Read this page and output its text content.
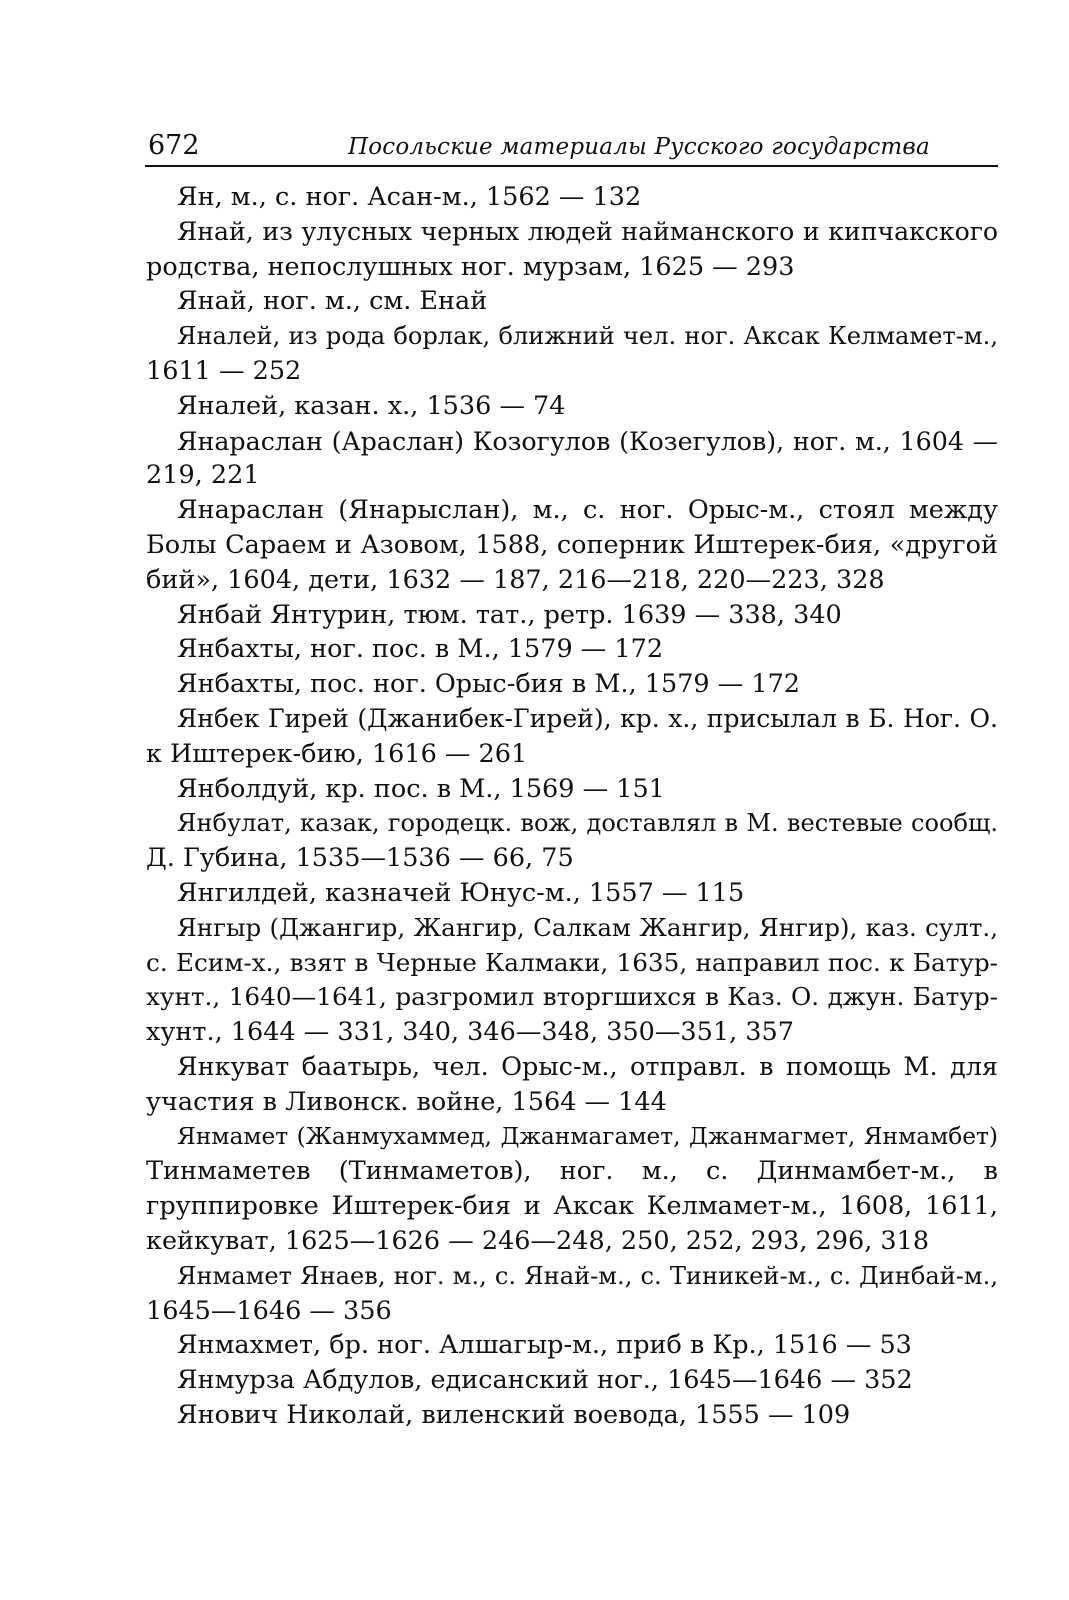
672	Посольские материалы Русского государства
Ян, м., с. ног. Асан-м., 1562 — 132
Янай, из улусных черных людей найманского и кипчакского
родства, непослушных ног. мурзам, 1625 — 293
Янай, ног. м., см. Енай
Яналей, из рода борлак, ближний чел. ног. Аксак Келмамет-м.,
1611 — 252
Яналей, казан. х., 1536 — 74
Янараслан (Араслан) Козогулов (Козегулов), ног. м., 1604 —
219, 221
Янараслан (Янарыслан), м., с. ног. Орыс-м., стоял между
Болы Сараем и Азовом, 1588, соперник Иштерек-бия, «другой
бий», 1604, дети, 1632 — 187, 216—218, 220—223, 328
Янбай Янтурин, тюм. тат., ретр. 1639 — 338, 340
Янбахты, ног. пос. в М., 1579 — 172
Янбахты, пос. ног. Орыс-бия в М., 1579 — 172
Янбек Гирей (Джанибек-Гирей), кр. х., присылал в Б. Ног. О.
к Иштерек-бию, 1616 — 261
Янболдуй, кр. пос. в М., 1569 — 151
Янбулат, казак, городецк. вож, доставлял в М. вестевые сообщ.
Д. Губина, 1535—1536 — 66, 75
Янгилдей, казначей Юнус-м., 1557 — 115
Янгыр (Джангир, Жангир, Салкам Жангир, Янгир), каз. султ.,
с. Есим-х., взят в Черные Калмаки, 1635, направил пос. к Батур-
хунт., 1640—1641, разгромил вторгшихся в Каз. О. джун. Батур-
хунт., 1644 — 331, 340, 346—348, 350—351, 357
Янкуват баатырь, чел. Орыс-м., отправл. в помощь М. для
участия в Ливонск. войне, 1564 — 144
Янмамет (Жанмухаммед, Джанмагамет, Джанмагмет, Янмамбет)
Тинмаметев (Тинмаметов), ног. м., с. Динмамбет-м., в
группировке Иштерек-бия и Аксак Келмамет-м., 1608, 1611,
кейкуват, 1625—1626 — 246—248, 250, 252, 293, 296, 318
Янмамет Янаев, ног. м., с. Янай-м., с. Тиникей-м., с. Динбай-м.,
1645—1646 — 356
Янмахмет, бр. ног. Алшагыр-м., приб в Кр., 1516 — 53
Янмурза Абдулов, едисанский ног., 1645—1646 — 352
Янович Николай, виленский воевода, 1555 — 109
